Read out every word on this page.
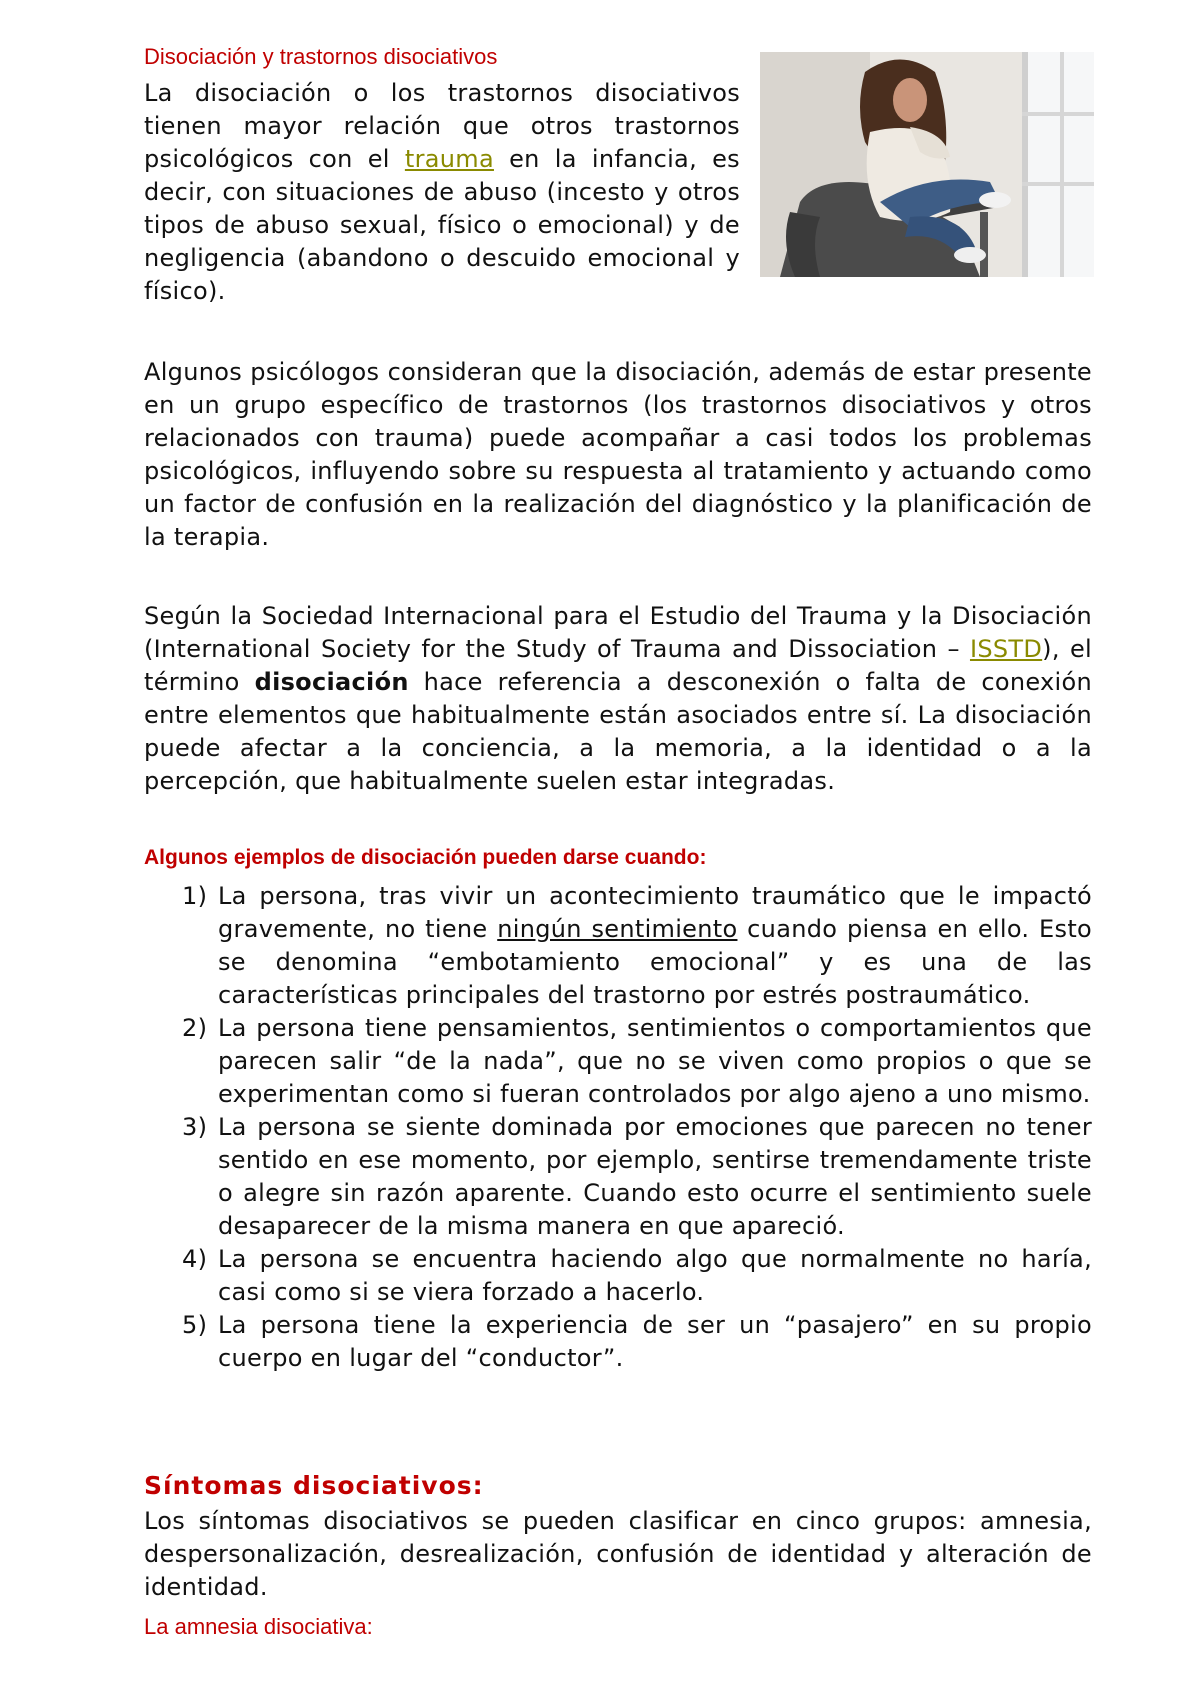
Disociación y trastornos disociativos

La disociación o los trastornos disociativos tienen mayor relación que otros trastornos psicológicos con el trauma en la infancia, es decir, con situaciones de abuso (incesto y otros tipos de abuso sexual, físico o emocional) y de negligencia (abandono o descuido emocional y físico).

Algunos psicólogos consideran que la disociación, además de estar presente en un grupo específico de trastornos (los trastornos disociativos y otros relacionados con trauma) puede acompañar a casi todos los problemas psicológicos, influyendo sobre su respuesta al tratamiento y actuando como un factor de confusión en la realización del diagnóstico y la planificación de la terapia.

Según la Sociedad Internacional para el Estudio del Trauma y la Disociación (International Society for the Study of Trauma and Dissociation – ISSTD), el término disociación hace referencia a desconexión o falta de conexión entre elementos que habitualmente están asociados entre sí. La disociación puede afectar a la conciencia, a la memoria, a la identidad o a la percepción, que habitualmente suelen estar integradas.

Algunos ejemplos de disociación pueden darse cuando:
1) La persona, tras vivir un acontecimiento traumático que le impactó gravemente, no tiene ningún sentimiento cuando piensa en ello. Esto se denomina “embotamiento emocional” y es una de las características principales del trastorno por estrés postraumático.
2) La persona tiene pensamientos, sentimientos o comportamientos que parecen salir “de la nada”, que no se viven como propios o que se experimentan como si fueran controlados por algo ajeno a uno mismo.
3) La persona se siente dominada por emociones que parecen no tener sentido en ese momento, por ejemplo, sentirse tremendamente triste o alegre sin razón aparente. Cuando esto ocurre el sentimiento suele desaparecer de la misma manera en que apareció.
4) La persona se encuentra haciendo algo que normalmente no haría, casi como si se viera forzado a hacerlo.
5) La persona tiene la experiencia de ser un “pasajero” en su propio cuerpo en lugar del “conductor”.
Síntomas disociativos:

Los síntomas disociativos se pueden clasificar en cinco grupos: amnesia, despersonalización, desrealización, confusión de identidad y alteración de identidad.

La amnesia disociativa:
